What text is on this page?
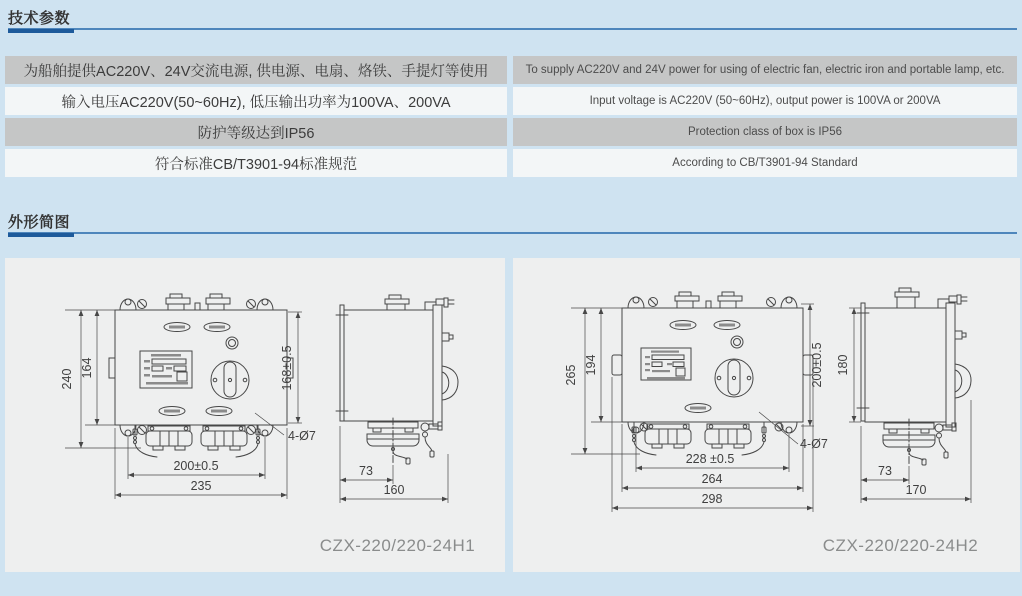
技术参数
为船舶提供AC220V、24V交流电源, 供电源、电扇、烙铁、手提灯等使用
输入电压AC220V(50~60Hz), 低压输出功率为100VA、200VA
防护等级达到IP56
符合标准CB/T3901-94标准规范
To supply AC220V and 24V power for using of electric fan, electric iron and portable lamp, etc.
Input voltage is AC220V (50~60Hz), output power is 100VA or 200VA
Protection class of box is IP56
According to CB/T3901-94 Standard
外形简图
240
164	168±0.5
200±0.5
235
73
160
4-Ø7
CZX-220/220-24H1
265 194	200±0.5 180
228 ±0.5
264
298
73
170
4-Ø7
CZX-220/220-24H2
